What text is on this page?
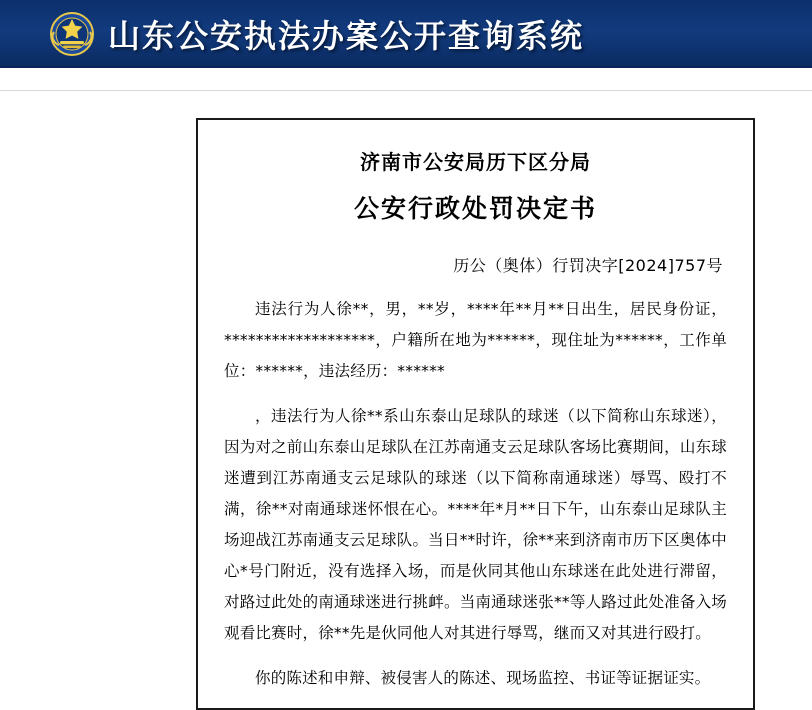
山东公安执法办案公开查询系统
济南市公安局历下区分局
公安行政处罚决定书
历公（奥体）行罚决字[2024]757号

违法行为人徐**，男，**岁，****年**月**日出生，居民身份证，*******************，户籍所在地为******，现住址为******，工作单位：******，违法经历：******

，违法行为人徐**系山东泰山足球队的球迷（以下简称山东球迷），因为对之前山东泰山足球队在江苏南通支云足球队客场比赛期间，山东球迷遭到江苏南通支云足球队的球迷（以下简称南通球迷）辱骂、殴打不满，徐**对南通球迷怀恨在心。****年*月**日下午，山东泰山足球队主场迎战江苏南通支云足球队。当日**时许，徐**来到济南市历下区奥体中心*号门附近，没有选择入场，而是伙同其他山东球迷在此处进行滞留，对路过此处的南通球迷进行挑衅。当南通球迷张**等人路过此处准备入场观看比赛时，徐**先是伙同他人对其进行辱骂，继而又对其进行殴打。

你的陈述和申辩、被侵害人的陈述、现场监控、书证等证据证实。
